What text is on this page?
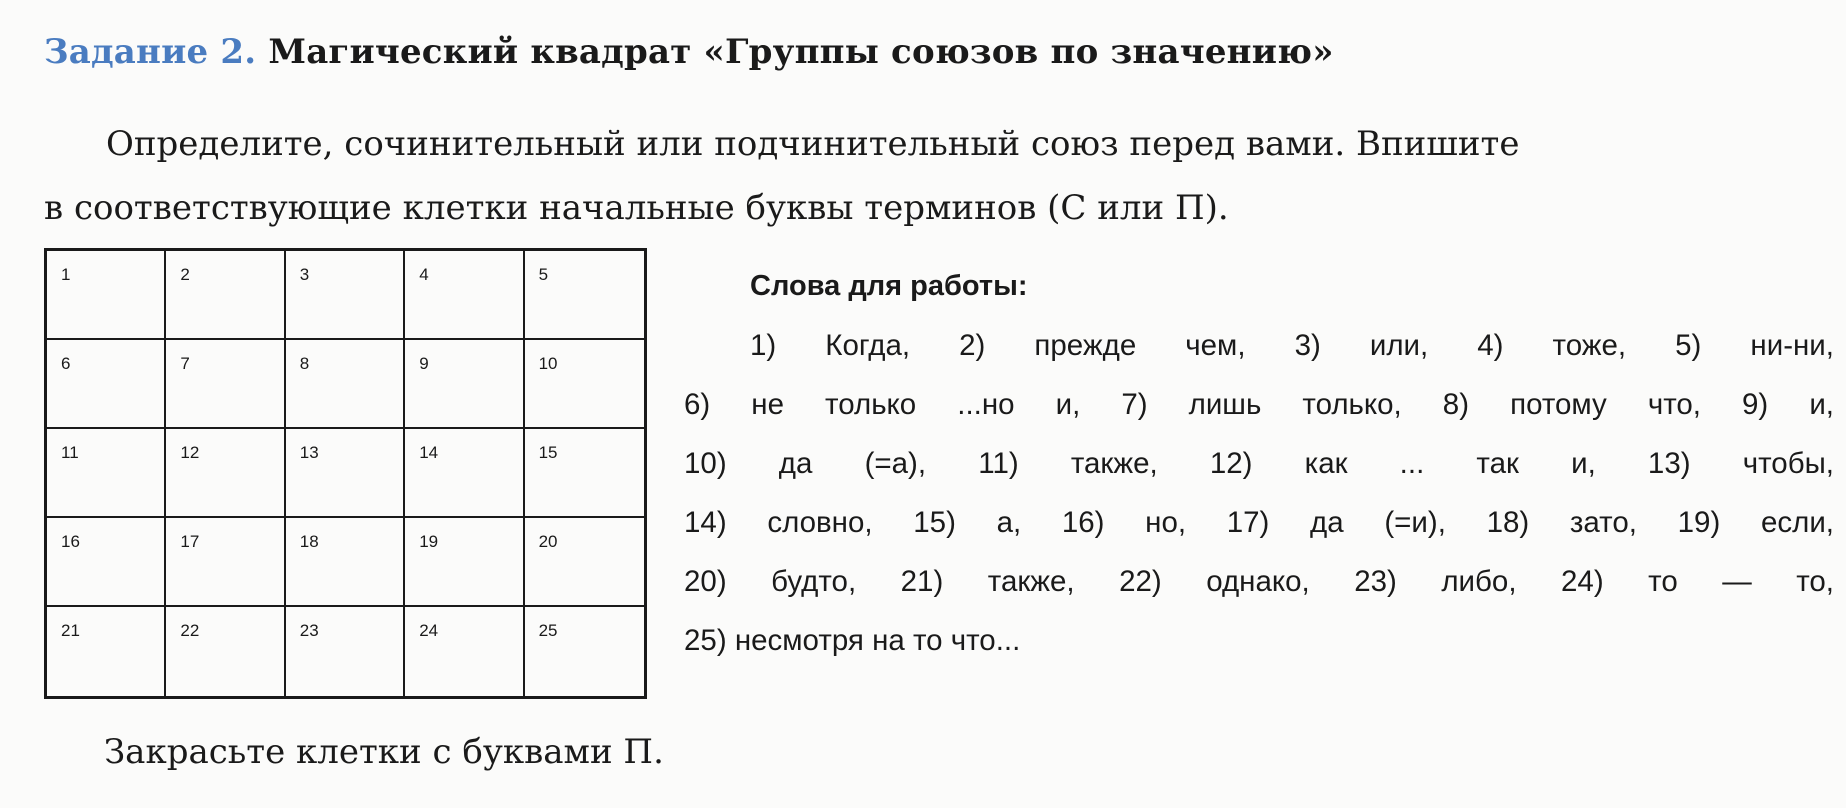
Задание 2. Магический квадрат «Группы союзов по значению»

Определите, сочинительный или подчинительный союз перед вами. Впишите
в соответствующие клетки начальные буквы терминов (С или П).

1	2	3	4	5
6	7	8	9	10
11	12	13	14	15
16	17	18	19	20
21	22	23	24	25
Слова для работы:
1) Когда, 2) прежде чем, 3) или, 4) тоже, 5) ни-ни,
6) не только ...но и, 7) лишь только, 8) потому что, 9) и,
10) да (=а), 11) также, 12) как ... так и, 13) чтобы,
14) словно, 15) а, 16) но, 17) да (=и), 18) зато, 19) если,
20) будто, 21) также, 22) однако, 23) либо, 24) то — то,
25) несмотря на то что...

Закрасьте клетки с буквами П.
